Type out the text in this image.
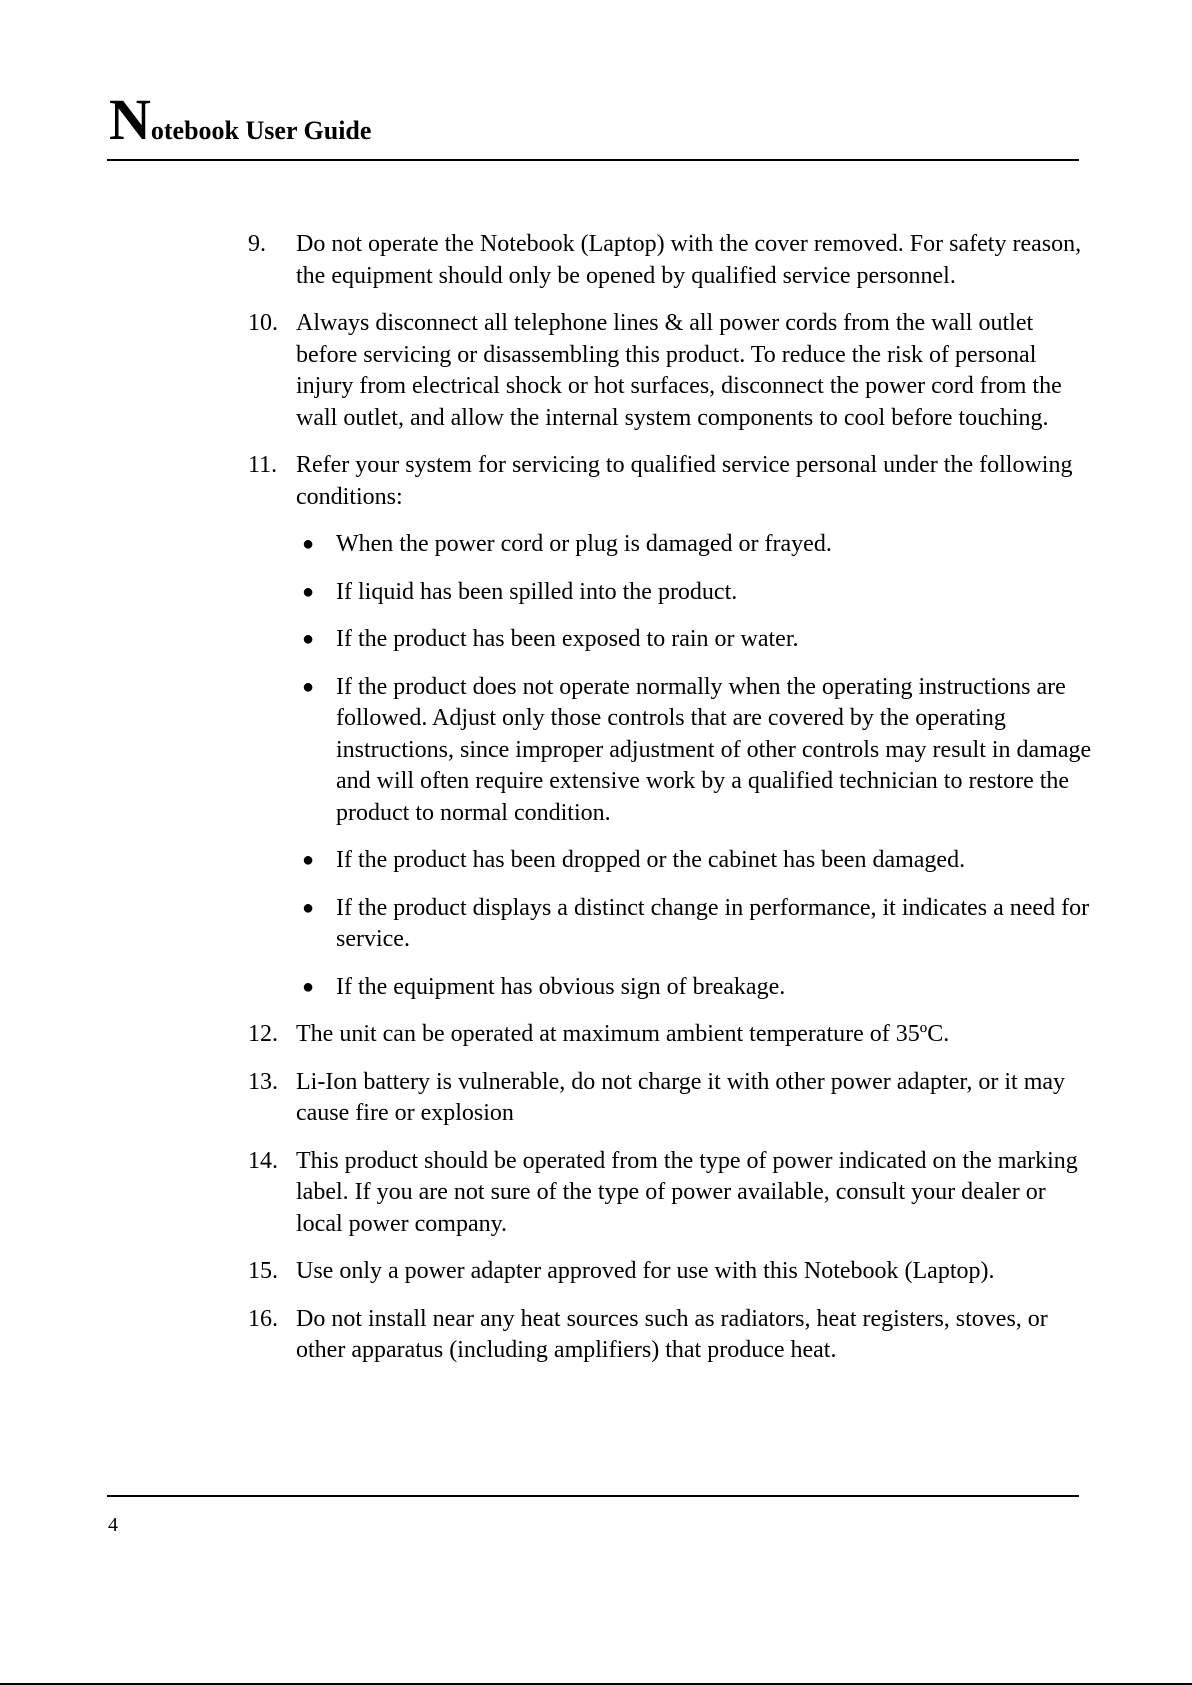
Notebook User Guide
9. Do not operate the Notebook (Laptop) with the cover removed. For safety reason, the equipment should only be opened by qualified service personnel.
10. Always disconnect all telephone lines & all power cords from the wall outlet before servicing or disassembling this product. To reduce the risk of personal injury from electrical shock or hot surfaces, disconnect the power cord from the wall outlet, and allow the internal system components to cool before touching.
11. Refer your system for servicing to qualified service personal under the following conditions:
● When the power cord or plug is damaged or frayed.
● If liquid has been spilled into the product.
● If the product has been exposed to rain or water.
● If the product does not operate normally when the operating instructions are followed. Adjust only those controls that are covered by the operating instructions, since improper adjustment of other controls may result in damage and will often require extensive work by a qualified technician to restore the product to normal condition.
● If the product has been dropped or the cabinet has been damaged.
● If the product displays a distinct change in performance, it indicates a need for service.
● If the equipment has obvious sign of breakage.
12. The unit can be operated at maximum ambient temperature of 35ºC.
13. Li-Ion battery is vulnerable, do not charge it with other power adapter, or it may cause fire or explosion
14. This product should be operated from the type of power indicated on the marking label. If you are not sure of the type of power available, consult your dealer or local power company.
15. Use only a power adapter approved for use with this Notebook (Laptop).
16. Do not install near any heat sources such as radiators, heat registers, stoves, or other apparatus (including amplifiers) that produce heat.
4
